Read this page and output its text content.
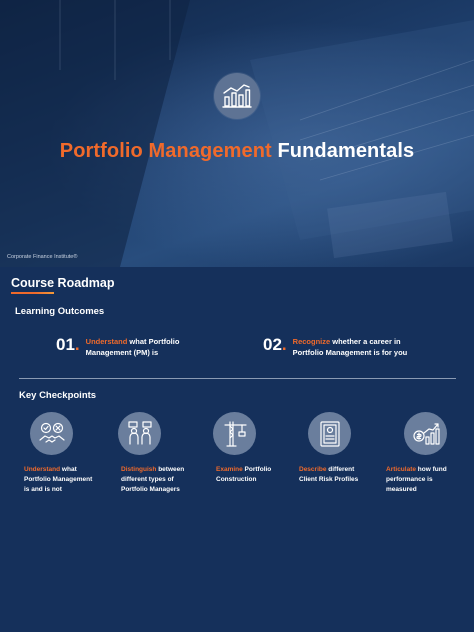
Portfolio Management Fundamentals
Corporate Finance Institute®
Course Roadmap
Learning Outcomes
01. Understand what Portfolio
Management (PM) is	02. Recognize whether a career in
Portfolio Management is for you
Key Checkpoints
Understand what
Portfolio Management
is and is not
Distinguish between
different types of
Portfolio Managers
Examine Portfolio
Construction
Describe different
Client Risk Profiles
Articulate how fund
performance is
measured
